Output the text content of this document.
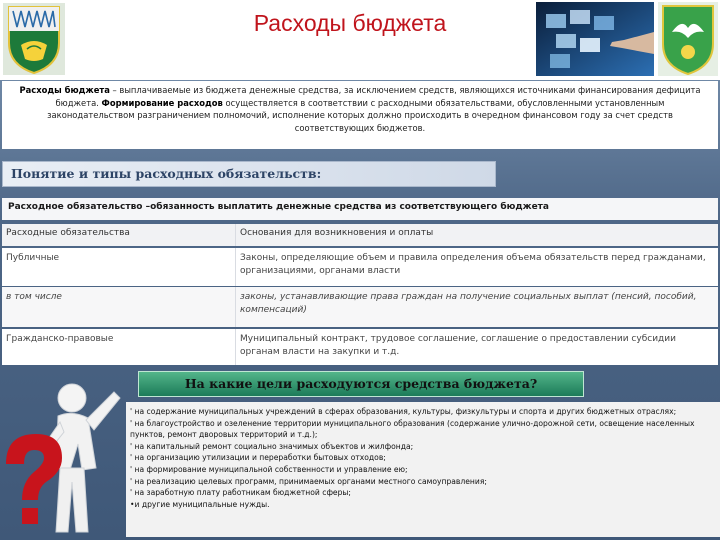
Расходы бюджета
Расходы бюджета – выплачиваемые из бюджета денежные средства, за исключением средств, являющихся источниками финансирования дефицита бюджета. Формирование расходов осуществляется в соответствии с расходными обязательствами, обусловленными установленным законодательством разграничением полномочий, исполнение которых должно происходить в очередном финансовом году за счет средств соответствующих бюджетов.
Понятие и типы расходных обязательств:
Расходное обязательство –обязанность выплатить денежные средства из соответствующего бюджета
Расходные обязательства	Основания для возникновения и оплаты
Публичные	Законы, определяющие объем и правила определения объема обязательств перед гражданами, организациями, органами власти
в том числе	законы, устанавливающие права граждан на получение социальных выплат (пенсий, пособий, компенсаций)
Гражданско-правовые	Муниципальный контракт, трудовое соглашение, соглашение о предоставлении субсидии органам власти на закупки и т.д.
На какие цели расходуются средства бюджета?
' на содержание муниципальных учреждений в сферах образования, культуры, физкультуры и спорта и других бюджетных отраслях;
' на благоустройство и озеленение территории муниципального образования (содержание улично-дорожной сети, освещение населенных пунктов, ремонт дворовых территорий и т.д.);
' на капитальный ремонт социально значимых объектов и жилфонда;
' на организацию утилизации и переработки бытовых отходов;
' на формирование муниципальной собственности и управление ею;
' на реализацию целевых программ, принимаемых органами местного самоуправления;
' на заработную плату работникам бюджетной сферы;
•и другие муниципальные нужды.
